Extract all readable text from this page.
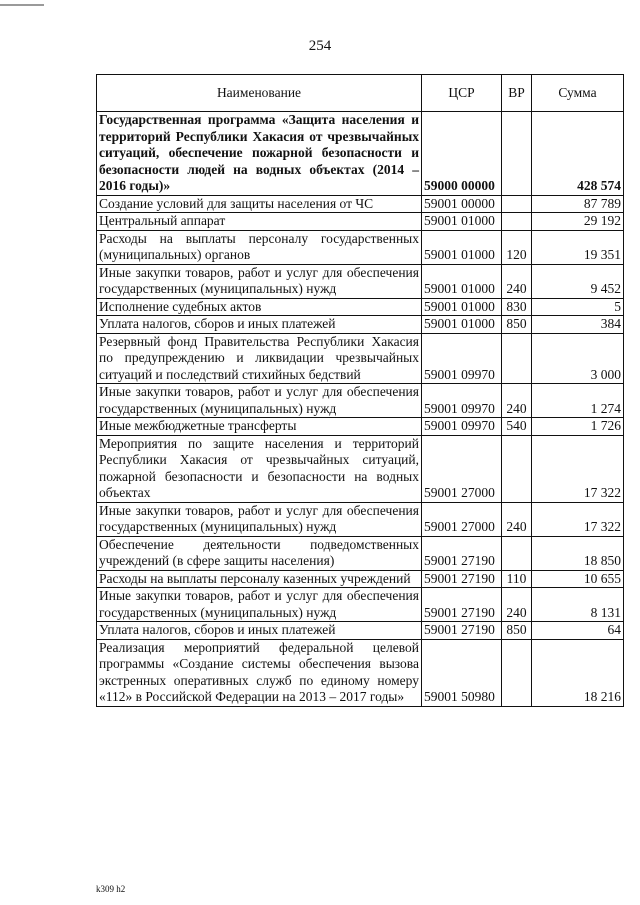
254
Наименование	ЦСР	ВР	Сумма
Государственная программа «Защита населения и территорий Республики Хакасия от чрезвычайных ситуаций, обеспечение пожарной безопасности и безопасности людей на водных объектах (2014 – 2016 годы)»	59000 00000		428 574
Создание условий для защиты населения от ЧС	59001 00000		87 789
Центральный аппарат	59001 01000		29 192
Расходы на выплаты персоналу государственных (муниципальных) органов	59001 01000	120	19 351
Иные закупки товаров, работ и услуг для обеспечения государственных (муниципальных) нужд	59001 01000	240	9 452
Исполнение судебных актов	59001 01000	830	5
Уплата налогов, сборов и иных платежей	59001 01000	850	384
Резервный фонд Правительства Республики Хакасия по предупреждению и ликвидации чрезвычайных ситуаций и последствий стихийных бедствий	59001 09970		3 000
Иные закупки товаров, работ и услуг для обеспечения государственных (муниципальных) нужд	59001 09970	240	1 274
Иные межбюджетные трансферты	59001 09970	540	1 726
Мероприятия по защите населения и территорий Республики Хакасия от чрезвычайных ситуаций, пожарной безопасности и безопасности на водных объектах	59001 27000		17 322
Иные закупки товаров, работ и услуг для обеспечения государственных (муниципальных) нужд	59001 27000	240	17 322
Обеспечение деятельности подведомственных учреждений (в сфере защиты населения)	59001 27190		18 850
Расходы на выплаты персоналу казенных учреждений	59001 27190	110	10 655
Иные закупки товаров, работ и услуг для обеспечения государственных (муниципальных) нужд	59001 27190	240	8 131
Уплата налогов, сборов и иных платежей	59001 27190	850	64
Реализация мероприятий федеральной целевой программы «Создание системы обеспечения вызова экстренных оперативных служб по единому номеру «112» в Российской Федерации на 2013 – 2017 годы»	59001 50980		18 216
k309 h2
